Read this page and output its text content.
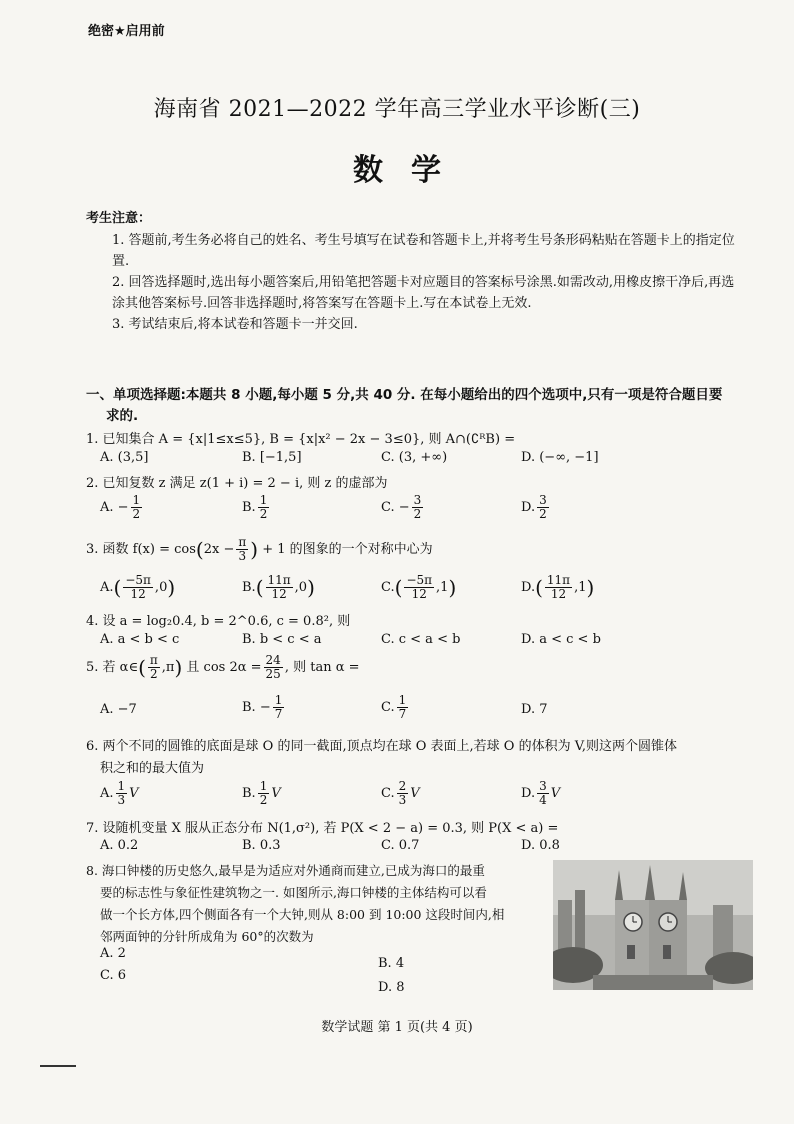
绝密★启用前
海南省 2021—2022 学年高三学业水平诊断(三)
数学
考生注意：
1. 答题前,考生务必将自己的姓名、考生号填写在试卷和答题卡上,并将考生号条形码粘贴在答题卡上的指定位置.
2. 回答选择题时,选出每小题答案后,用铅笔把答题卡对应题目的答案标号涂黑.如需改动,用橡皮擦干净后,再选涂其他答案标号.回答非选择题时,将答案写在答题卡上.写在本试卷上无效.
3. 考试结束后,将本试卷和答题卡一并交回.
一、单项选择题:本题共 8 小题,每小题 5 分,共 40 分. 在每小题给出的四个选项中,只有一项是符合题目要
求的.
1. 已知集合 A = {x|1≤x≤5}, B = {x|x² − 2x − 3≤0}, 则 A∩(∁ᴿB) =
A. (3,5]	B. [−1,5]	C. (3, +∞)	D. (−∞, −1]
2. 已知复数 z 满足 z(1 + i) = 2 − i, 则 z 的虚部为
A. − $\frac{1}{2}$	B. $\frac{1}{2}$	C. − $\frac{3}{2}$	D. $\frac{3}{2}$
3. 函数 $f(x) = \cos(2x - \frac{\pi}{3}$ ) + 1 的图象的一个对称中心为
$A.( \frac{-5\pi}{12} ,0)$	$B.( \frac{11\pi}{12} ,0)$	$C.( \frac{-5\pi}{12} ,1)$	$D.( \frac{11\pi}{12} ,1)$
4. 设 a = log₂0.4, b = 2^0.6, c = 0.8², 则
A. a < b < c	B. b < c < a	C. c < a < b	D. a < c < b
5. 若 α∈( $\frac{\pi}{2} ,\pi$) 且 $\cos 2\alpha = \frac{24}{25}$ , 则 tan α =
A. −7	B. − $\frac{1}{7}$	C. $\frac{1}{7}$	D. 7
6. 两个不同的圆锥的底面是球 O 的同一截面,顶点均在球 O 表面上,若球 O 的体积为 V,则这两个圆锥体
积之和的最大值为
A. $\frac{1}{3}$ V	B. $\frac{1}{2}$ V	C. $\frac{2}{3}$ V	D. $\frac{3}{4}$ V
7. 设随机变量 X 服从正态分布 N(1,σ²), 若 P(X < 2 − a) = 0.3, 则 P(X < a) =
A. 0.2	B. 0.3	C. 0.7	D. 0.8
8. 海口钟楼的历史悠久,最早是为适应对外通商而建立,已成为海口的最重
要的标志性与象征性建筑物之一. 如图所示,海口钟楼的主体结构可以看
做一个长方体,四个侧面各有一个大钟,则从 8:00 到 10:00 这段时间内,相
邻两面钟的分针所成角为 60°的次数为
A. 2
B. 4
C. 6
D. 8
数学试题 第 1 页(共 4 页)
